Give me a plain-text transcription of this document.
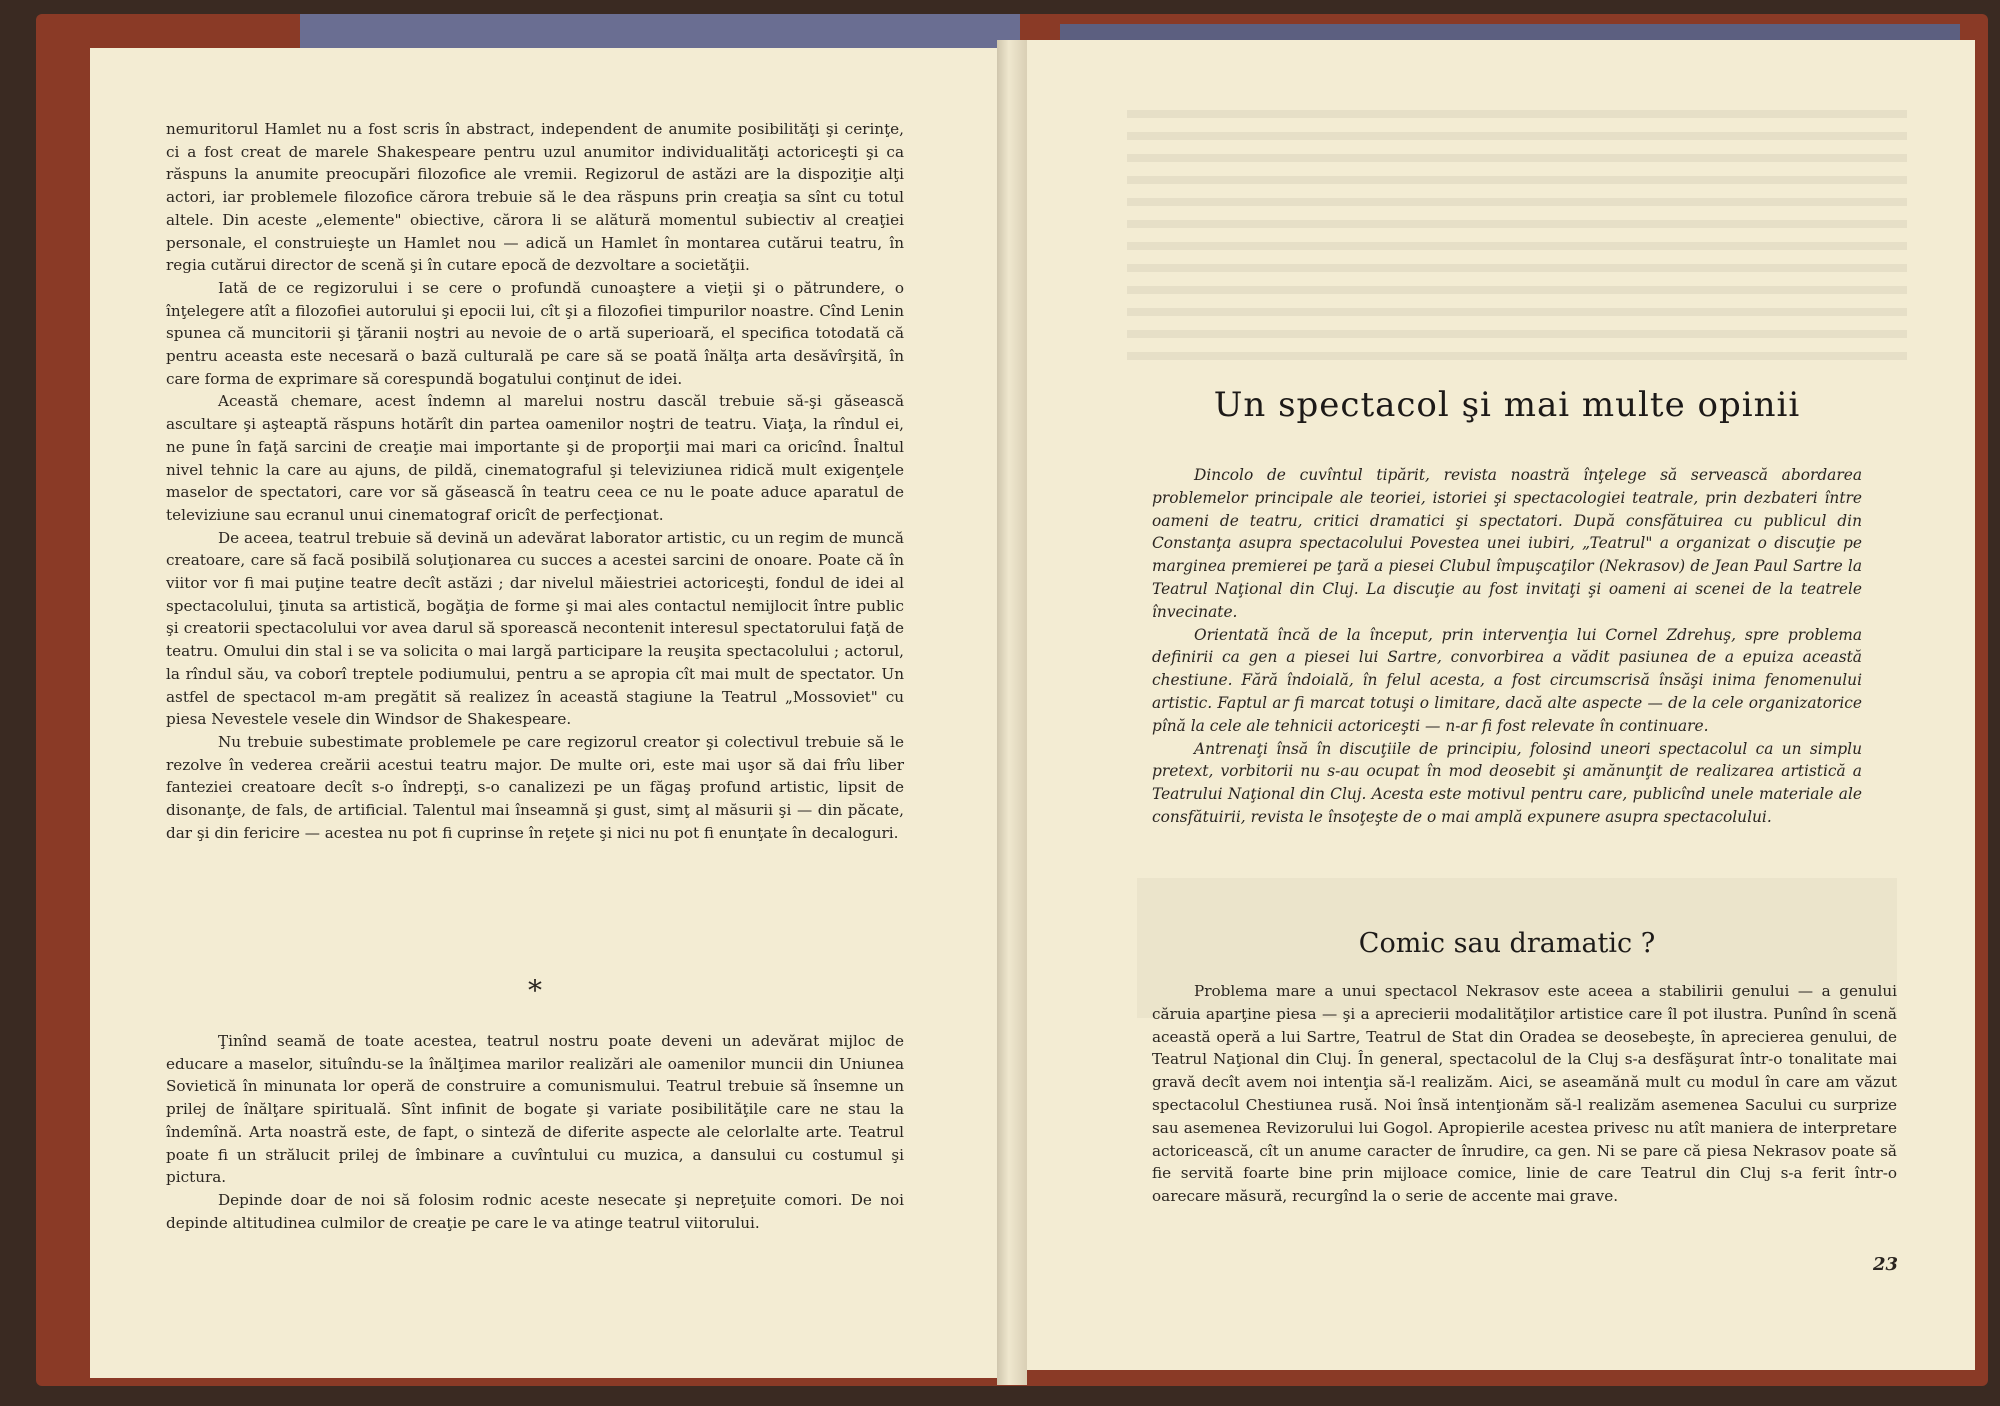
nemuritorul Hamlet nu a fost scris în abstract, independent de anumite posibilităţi şi cerinţe, ci a fost creat de marele Shakespeare pentru uzul anumitor individualităţi actoriceşti şi ca răspuns la anumite preocupări filozofice ale vremii. Regizorul de astăzi are la dispoziţie alţi actori, iar problemele filozofice cărora trebuie să le dea răspuns prin creaţia sa sînt cu totul altele. Din aceste „elemente" obiective, cărora li se alătură momentul subiectiv al creaţiei personale, el construieşte un Hamlet nou — adică un Hamlet în montarea cutărui teatru, în regia cutărui director de scenă şi în cutare epocă de dezvoltare a societăţii.

Iată de ce regizorului i se cere o profundă cunoaştere a vieţii şi o pătrundere, o înţelegere atît a filozofiei autorului şi epocii lui, cît şi a filozofiei timpurilor noastre. Cînd Lenin spunea că muncitorii şi ţăranii noştri au nevoie de o artă superioară, el specifica totodată că pentru aceasta este necesară o bază culturală pe care să se poată înălţa arta desăvîrşită, în care forma de exprimare să corespundă bogatului conţinut de idei.

Această chemare, acest îndemn al marelui nostru dascăl trebuie să-şi găsească ascultare şi aşteaptă răspuns hotărît din partea oamenilor noştri de teatru. Viaţa, la rîndul ei, ne pune în faţă sarcini de creaţie mai importante şi de proporţii mai mari ca oricînd. Înaltul nivel tehnic la care au ajuns, de pildă, cinematograful şi televiziunea ridică mult exigenţele maselor de spectatori, care vor să găsească în teatru ceea ce nu le poate aduce aparatul de televiziune sau ecranul unui cinematograf oricît de perfecţionat.

De aceea, teatrul trebuie să devină un adevărat laborator artistic, cu un regim de muncă creatoare, care să facă posibilă soluţionarea cu succes a acestei sarcini de onoare. Poate că în viitor vor fi mai puţine teatre decît astăzi ; dar nivelul măiestriei actoriceşti, fondul de idei al spectacolului, ţinuta sa artistică, bogăţia de forme şi mai ales contactul nemijlocit între public şi creatorii spectacolului vor avea darul să sporească necontenit interesul spectatorului faţă de teatru. Omului din stal i se va solicita o mai largă participare la reuşita spectacolului ; actorul, la rîndul său, va coborî treptele podiumului, pentru a se apropia cît mai mult de spectator. Un astfel de spectacol m-am pregătit să realizez în această stagiune la Teatrul „Mossoviet" cu piesa Nevestele vesele din Windsor de Shakespeare.

Nu trebuie subestimate problemele pe care regizorul creator şi colectivul trebuie să le rezolve în vederea creării acestui teatru major. De multe ori, este mai uşor să dai frîu liber fanteziei creatoare decît s-o îndrepţi, s-o canalizezi pe un făgaş profund artistic, lipsit de disonanţe, de fals, de artificial. Talentul mai înseamnă şi gust, simţ al măsurii şi — din păcate, dar şi din fericire — acestea nu pot fi cuprinse în reţete şi nici nu pot fi enunţate în decaloguri.

*

Ţinînd seamă de toate acestea, teatrul nostru poate deveni un adevărat mijloc de educare a maselor, situîndu-se la înălţimea marilor realizări ale oamenilor muncii din Uniunea Sovietică în minunata lor operă de construire a comunismului. Teatrul trebuie să însemne un prilej de înălţare spirituală. Sînt infinit de bogate şi variate posibilităţile care ne stau la îndemînă. Arta noastră este, de fapt, o sinteză de diferite aspecte ale celorlalte arte. Teatrul poate fi un strălucit prilej de îmbinare a cuvîntului cu muzica, a dansului cu costumul şi pictura.

Depinde doar de noi să folosim rodnic aceste nesecate şi nepreţuite comori. De noi depinde altitudinea culmilor de creaţie pe care le va atinge teatrul viitorului.

Un spectacol şi mai multe opinii

Dincolo de cuvîntul tipărit, revista noastră înţelege să servească abordarea problemelor principale ale teoriei, istoriei şi spectacologiei teatrale, prin dezbateri între oameni de teatru, critici dramatici şi spectatori. După consfătuirea cu publicul din Constanţa asupra spectacolului Povestea unei iubiri, „Teatrul" a organizat o discuţie pe marginea premierei pe ţară a piesei Clubul împuşcaţilor (Nekrasov) de Jean Paul Sartre la Teatrul Naţional din Cluj. La discuţie au fost invitaţi şi oameni ai scenei de la teatrele învecinate.

Orientată încă de la început, prin intervenţia lui Cornel Zdrehuş, spre problema definirii ca gen a piesei lui Sartre, convorbirea a vădit pasiunea de a epuiza această chestiune. Fără îndoială, în felul acesta, a fost circumscrisă însăşi inima fenomenului artistic. Faptul ar fi marcat totuşi o limitare, dacă alte aspecte — de la cele organizatorice pînă la cele ale tehnicii actoriceşti — n-ar fi fost relevate în continuare.

Antrenaţi însă în discuţiile de principiu, folosind uneori spectacolul ca un simplu pretext, vorbitorii nu s-au ocupat în mod deosebit şi amănunţit de realizarea artistică a Teatrului Naţional din Cluj. Acesta este motivul pentru care, publicînd unele materiale ale consfătuirii, revista le însoţeşte de o mai amplă expunere asupra spectacolului.

Comic sau dramatic ?

Problema mare a unui spectacol Nekrasov este aceea a stabilirii genului — a genului căruia aparţine piesa — şi a aprecierii modalităţilor artistice care îl pot ilustra. Punînd în scenă această operă a lui Sartre, Teatrul de Stat din Oradea se deosebeşte, în aprecierea genului, de Teatrul Naţional din Cluj. În general, spectacolul de la Cluj s-a desfăşurat într-o tonalitate mai gravă decît avem noi intenţia să-l realizăm. Aici, se aseamănă mult cu modul în care am văzut spectacolul Chestiunea rusă. Noi însă intenţionăm să-l realizăm asemenea Sacului cu surprize sau asemenea Revizorului lui Gogol. Apropierile acestea privesc nu atît maniera de interpretare actoricească, cît un anume caracter de înrudire, ca gen. Ni se pare că piesa Nekrasov poate să fie servită foarte bine prin mijloace comice, linie de care Teatrul din Cluj s-a ferit într-o oarecare măsură, recurgînd la o serie de accente mai grave.

23
